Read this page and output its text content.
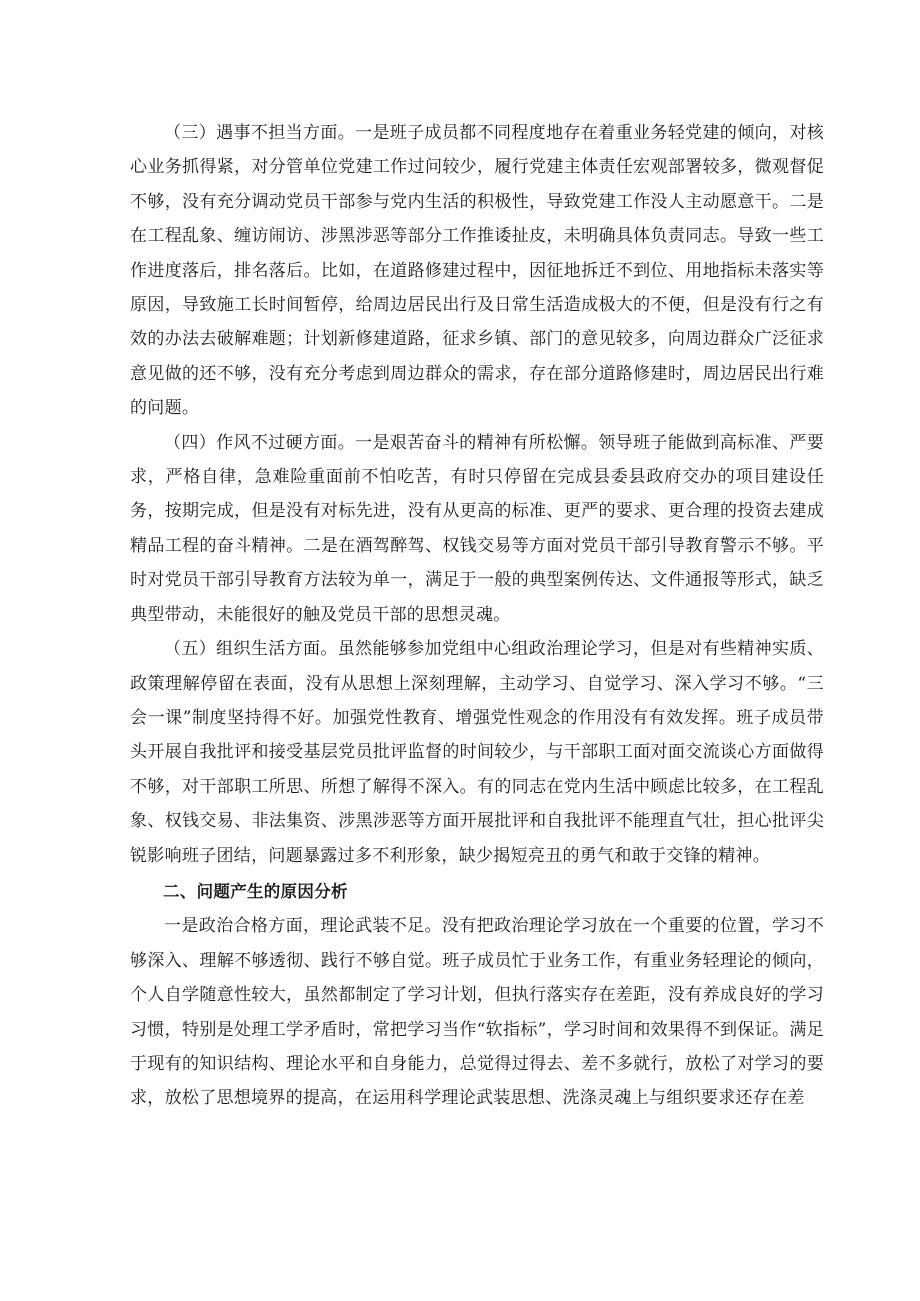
（三）遇事不担当方面。一是班子成员都不同程度地存在着重业务轻党建的倾向，对核心业务抓得紧，对分管单位党建工作过问较少，履行党建主体责任宏观部署较多，微观督促不够，没有充分调动党员干部参与党内生活的积极性，导致党建工作没人主动愿意干。二是在工程乱象、缠访闹访、涉黑涉恶等部分工作推诿扯皮，未明确具体负责同志。导致一些工作进度落后，排名落后。比如，在道路修建过程中，因征地拆迁不到位、用地指标未落实等原因，导致施工长时间暂停，给周边居民出行及日常生活造成极大的不便，但是没有行之有效的办法去破解难题；计划新修建道路，征求乡镇、部门的意见较多，向周边群众广泛征求意见做的还不够，没有充分考虑到周边群众的需求，存在部分道路修建时，周边居民出行难的问题。

（四）作风不过硬方面。一是艰苦奋斗的精神有所松懈。领导班子能做到高标准、严要求，严格自律，急难险重面前不怕吃苦，有时只停留在完成县委县政府交办的项目建设任务，按期完成，但是没有对标先进，没有从更高的标准、更严的要求、更合理的投资去建成精品工程的奋斗精神。二是在酒驾醉驾、权钱交易等方面对党员干部引导教育警示不够。平时对党员干部引导教育方法较为单一，满足于一般的典型案例传达、文件通报等形式，缺乏典型带动，未能很好的触及党员干部的思想灵魂。

（五）组织生活方面。虽然能够参加党组中心组政治理论学习，但是对有些精神实质、政策理解停留在表面，没有从思想上深刻理解，主动学习、自觉学习、深入学习不够。“三会一课”制度坚持得不好。加强党性教育、增强党性观念的作用没有有效发挥。班子成员带头开展自我批评和接受基层党员批评监督的时间较少，与干部职工面对面交流谈心方面做得不够，对干部职工所思、所想了解得不深入。有的同志在党内生活中顾虑比较多，在工程乱象、权钱交易、非法集资、涉黑涉恶等方面开展批评和自我批评不能理直气壮，担心批评尖锐影响班子团结，问题暴露过多不利形象，缺少揭短亮丑的勇气和敢于交锋的精神。

二、问题产生的原因分析

一是政治合格方面，理论武装不足。没有把政治理论学习放在一个重要的位置，学习不够深入、理解不够透彻、践行不够自觉。班子成员忙于业务工作，有重业务轻理论的倾向，个人自学随意性较大，虽然都制定了学习计划，但执行落实存在差距，没有养成良好的学习习惯，特别是处理工学矛盾时，常把学习当作“软指标”，学习时间和效果得不到保证。满足于现有的知识结构、理论水平和自身能力，总觉得过得去、差不多就行，放松了对学习的要求，放松了思想境界的提高，在运用科学理论武装思想、洗涤灵魂上与组织要求还存在差
